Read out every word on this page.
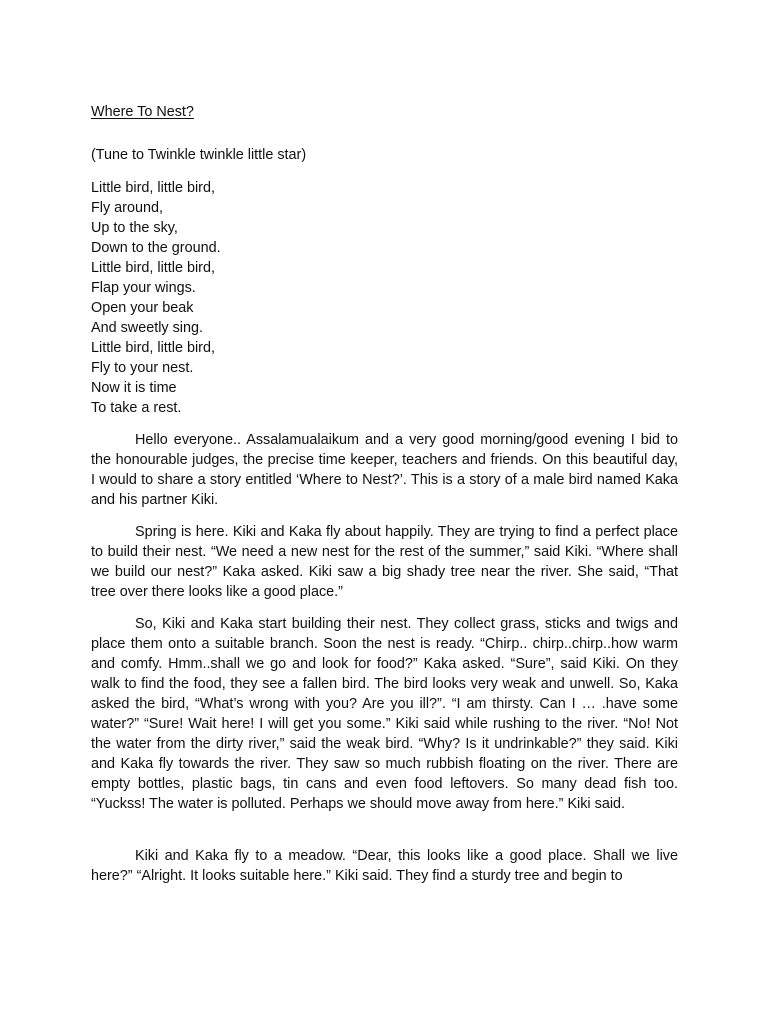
Where To Nest?

(Tune to Twinkle twinkle little star)

Little bird, little bird,
Fly around,
Up to the sky,
Down to the ground.
Little bird, little bird,
Flap your wings.
Open your beak
And sweetly sing.
Little bird, little bird,
Fly to your nest.
Now it is time
To take a rest.

Hello everyone.. Assalamualaikum and a very good morning/good evening I bid to the honourable judges, the precise time keeper, teachers and friends. On this beautiful day, I would to share a story entitled ‘Where to Nest?’. This is a story of a male bird named Kaka and his partner Kiki.

Spring is here. Kiki and Kaka fly about happily. They are trying to find a perfect place to build their nest. “We need a new nest for the rest of the summer,” said Kiki. “Where shall we build our nest?” Kaka asked. Kiki saw a big shady tree near the river. She said, “That tree over there looks like a good place.”

So, Kiki and Kaka start building their nest. They collect grass, sticks and twigs and place them onto a suitable branch. Soon the nest is ready. “Chirp.. chirp..chirp..how warm and comfy. Hmm..shall we go and look for food?” Kaka asked. “Sure”, said Kiki. On they walk to find the food, they see a fallen bird. The bird looks very weak and unwell. So, Kaka asked the bird, “What’s wrong with you? Are you ill?”. “I am thirsty. Can I … .have some water?” “Sure! Wait here! I will get you some.” Kiki said while rushing to the river. “No! Not the water from the dirty river,” said the weak bird. “Why? Is it undrinkable?” they said. Kiki and Kaka fly towards the river. They saw so much rubbish floating on the river. There are empty bottles, plastic bags, tin cans and even food leftovers. So many dead fish too. “Yuckss! The water is polluted. Perhaps we should move away from here.” Kiki said.

Kiki and Kaka fly to a meadow. “Dear, this looks like a good place. Shall we live here?” “Alright. It looks suitable here.” Kiki said. They find a sturdy tree and begin to
